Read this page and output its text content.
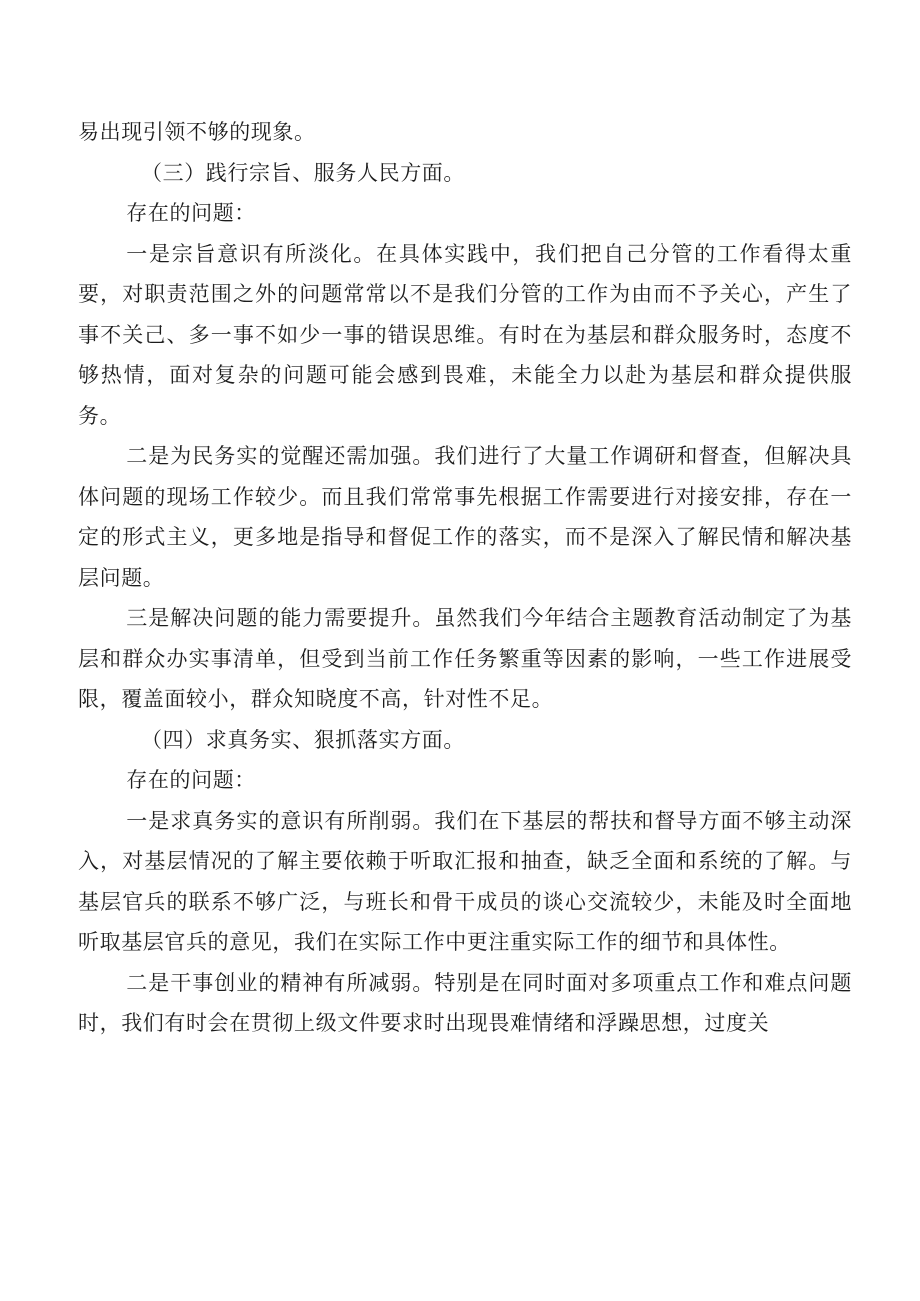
易出现引领不够的现象。

（三）践行宗旨、服务人民方面。

存在的问题：

一是宗旨意识有所淡化。在具体实践中，我们把自己分管的工作看得太重要，对职责范围之外的问题常常以不是我们分管的工作为由而不予关心，产生了事不关己、多一事不如少一事的错误思维。有时在为基层和群众服务时，态度不够热情，面对复杂的问题可能会感到畏难，未能全力以赴为基层和群众提供服务。

二是为民务实的觉醒还需加强。我们进行了大量工作调研和督查，但解决具体问题的现场工作较少。而且我们常常事先根据工作需要进行对接安排，存在一定的形式主义，更多地是指导和督促工作的落实，而不是深入了解民情和解决基层问题。

三是解决问题的能力需要提升。虽然我们今年结合主题教育活动制定了为基层和群众办实事清单，但受到当前工作任务繁重等因素的影响，一些工作进展受限，覆盖面较小，群众知晓度不高，针对性不足。

（四）求真务实、狠抓落实方面。

存在的问题：

一是求真务实的意识有所削弱。我们在下基层的帮扶和督导方面不够主动深入，对基层情况的了解主要依赖于听取汇报和抽查，缺乏全面和系统的了解。与基层官兵的联系不够广泛，与班长和骨干成员的谈心交流较少，未能及时全面地听取基层官兵的意见，我们在实际工作中更注重实际工作的细节和具体性。

二是干事创业的精神有所减弱。特别是在同时面对多项重点工作和难点问题时，我们有时会在贯彻上级文件要求时出现畏难情绪和浮躁思想，过度关
